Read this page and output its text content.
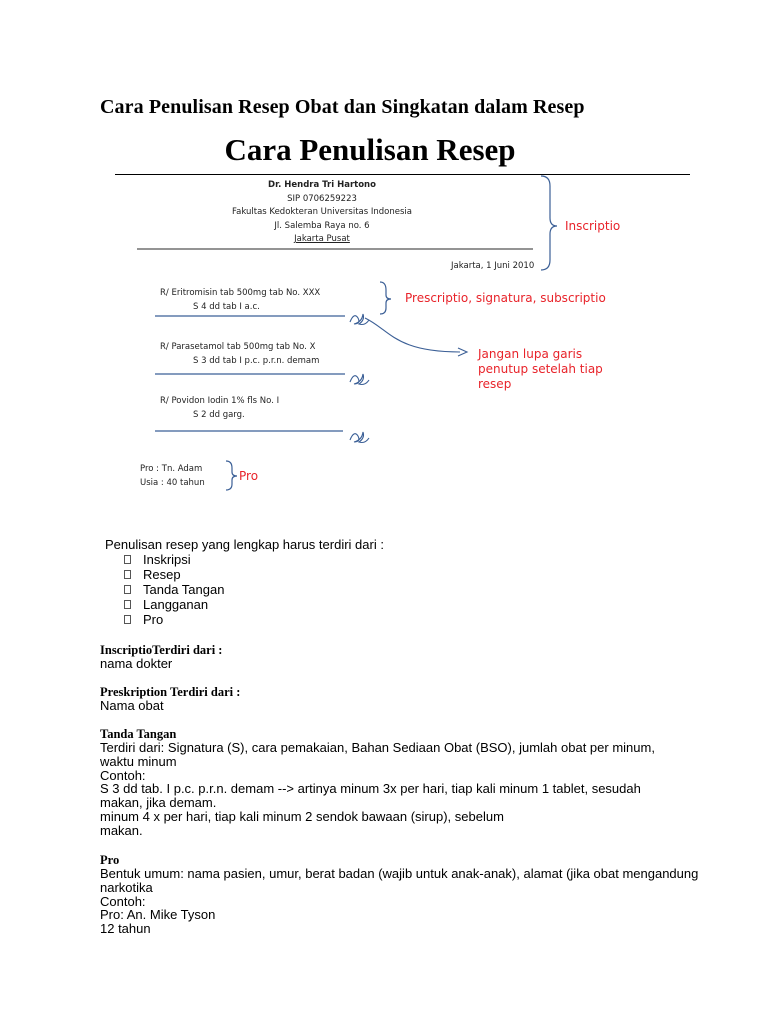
Cara Penulisan Resep Obat dan Singkatan dalam Resep
Cara Penulisan Resep
Dr. Hendra Tri Hartono
SIP 0706259223
Fakultas Kedokteran Universitas Indonesia
Jl. Salemba Raya no. 6
Jakarta Pusat
Jakarta, 1 Juni 2010
R/ Eritromisin tab 500mg tab No. XXX
S 4 dd tab I a.c.
R/ Parasetamol tab 500mg tab No. X
S 3 dd tab I p.c. p.r.n. demam
R/ Povidon Iodin 1% fls No. I
S 2 dd garg.
Pro : Tn. Adam
Usia : 40 tahun
Inscriptio
Prescriptio, signatura, subscriptio
Jangan lupa garis
penutup setelah tiap
resep
Pro

Penulisan resep yang lengkap harus terdiri dari :

Inskripsi
Resep
Tanda Tangan
Langganan
Pro

InscriptioTerdiri dari :

nama dokter

Preskription Terdiri dari :

Nama obat

Tanda Tangan

Terdiri dari: Signatura (S), cara pemakaian, Bahan Sediaan Obat (BSO), jumlah obat per minum,

waktu minum

Contoh:

S 3 dd tab. I p.c. p.r.n. demam --> artinya minum 3x per hari, tiap kali minum 1 tablet, sesudah

makan, jika demam.

minum 4 x per hari, tiap kali minum 2 sendok bawaan (sirup), sebelum

makan.

Pro

Bentuk umum: nama pasien, umur, berat badan (wajib untuk anak-anak), alamat (jika obat mengandung

narkotika

Contoh:

Pro: An. Mike Tyson

12 tahun
